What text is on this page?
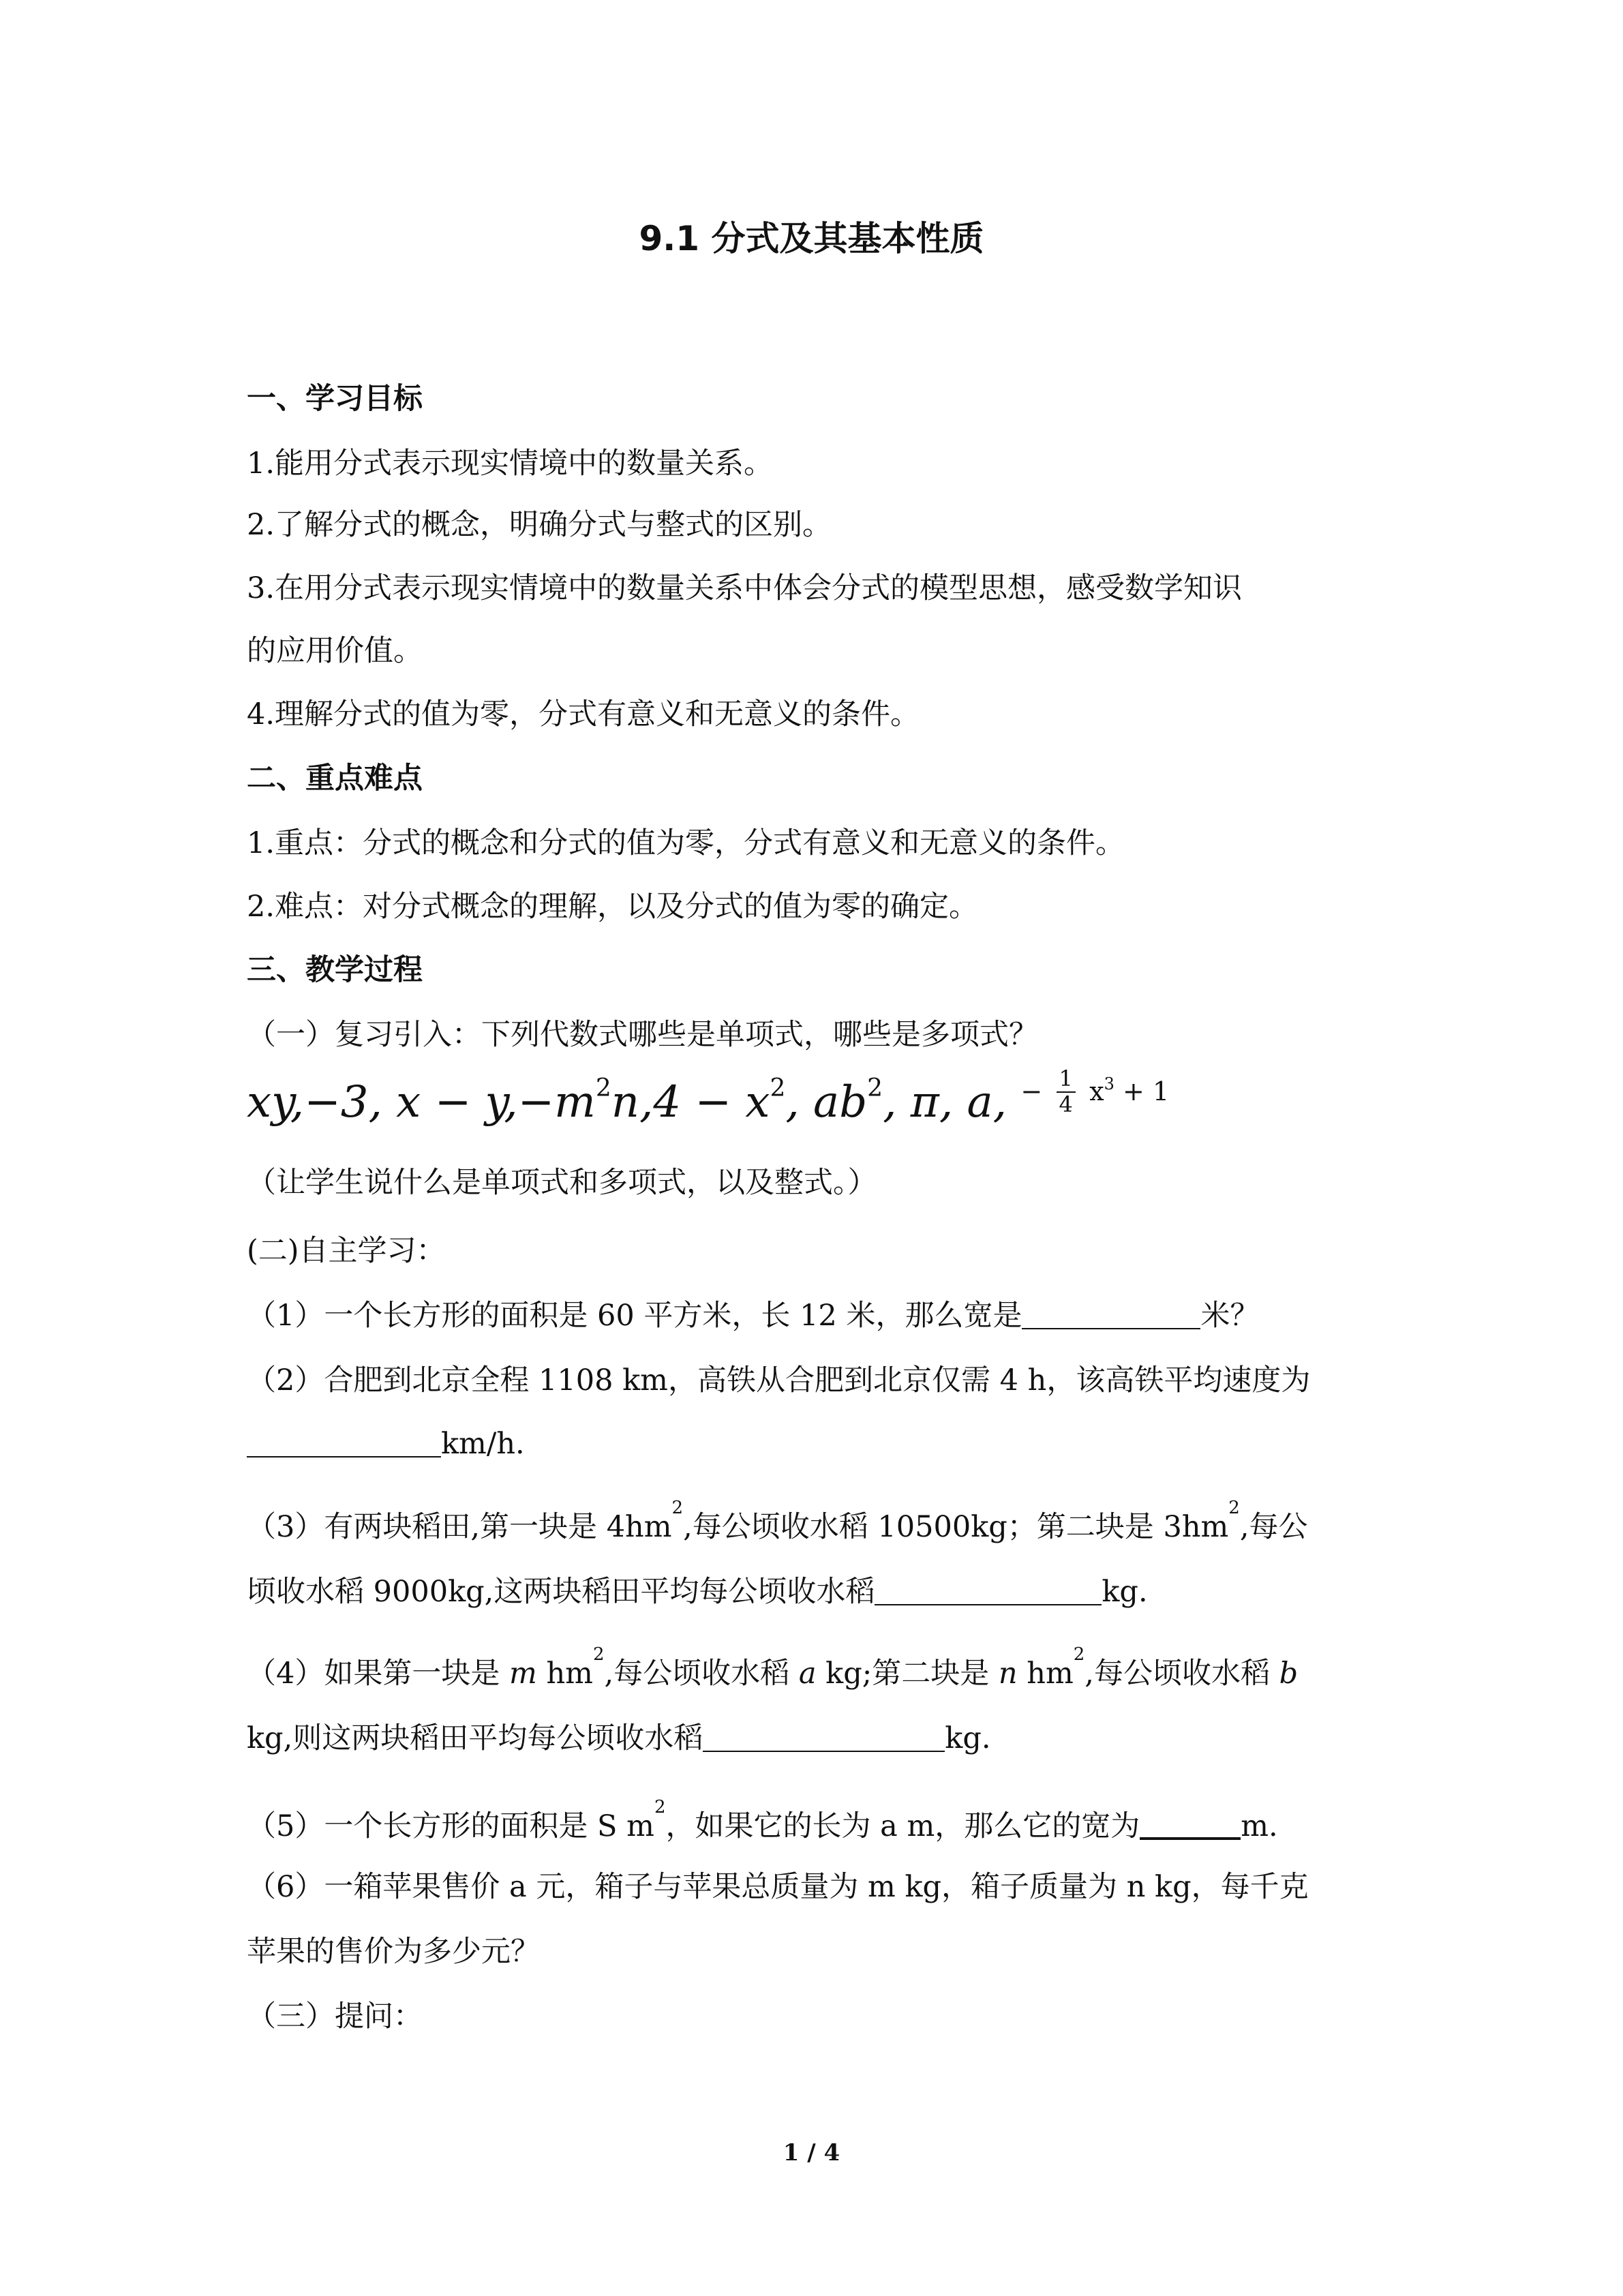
9.1 分式及其基本性质
一、学习目标
1.能用分式表示现实情境中的数量关系。
2.了解分式的概念，明确分式与整式的区别。
3.在用分式表示现实情境中的数量关系中体会分式的模型思想，感受数学知识
的应用价值。
4.理解分式的值为零，分式有意义和无意义的条件。
二、重点难点
1.重点：分式的概念和分式的值为零，分式有意义和无意义的条件。
2.难点：对分式概念的理解，以及分式的值为零的确定。
三、教学过程
（一）复习引入：下列代数式哪些是单项式，哪些是多项式？
xy,−3, $x - y,-m^2n,4 - x^2$, $ab^2$, π, a, $^- \frac{1}{4} ^{x3}$ $^{+ 1}$
（让学生说什么是单项式和多项式，以及整式。）
(二)自主学习：
（1）一个长方形的面积是 60 平方米，长 12 米，那么宽是	米？
（2）合肥到北京全程 1108 km，高铁从合肥到北京仅需 4 h，该高铁平均速度为
km/h.
（3）有两块稻田,第一块是 $4hm^2$,每公顷收水稻 10500kg；第二块是 $3hm^2$,每公
顷收水稻 9000kg,这两块稻田平均每公顷收水稻	kg.
（4）如果第一块是 m $hm^2$,每公顷收水稻 a kg;第二块是 n $hm^2$,每公顷收水稻 b
kg,则这两块稻田平均每公顷收水稻	kg.
（5）一个长方形的面积是 S $m^2$，如果它的长为 a m，那么它的宽为	m.
（6）一箱苹果售价 a 元，箱子与苹果总质量为 m kg，箱子质量为 n kg，每千克
苹果的售价为多少元？
（三）提问：
1 / 4
